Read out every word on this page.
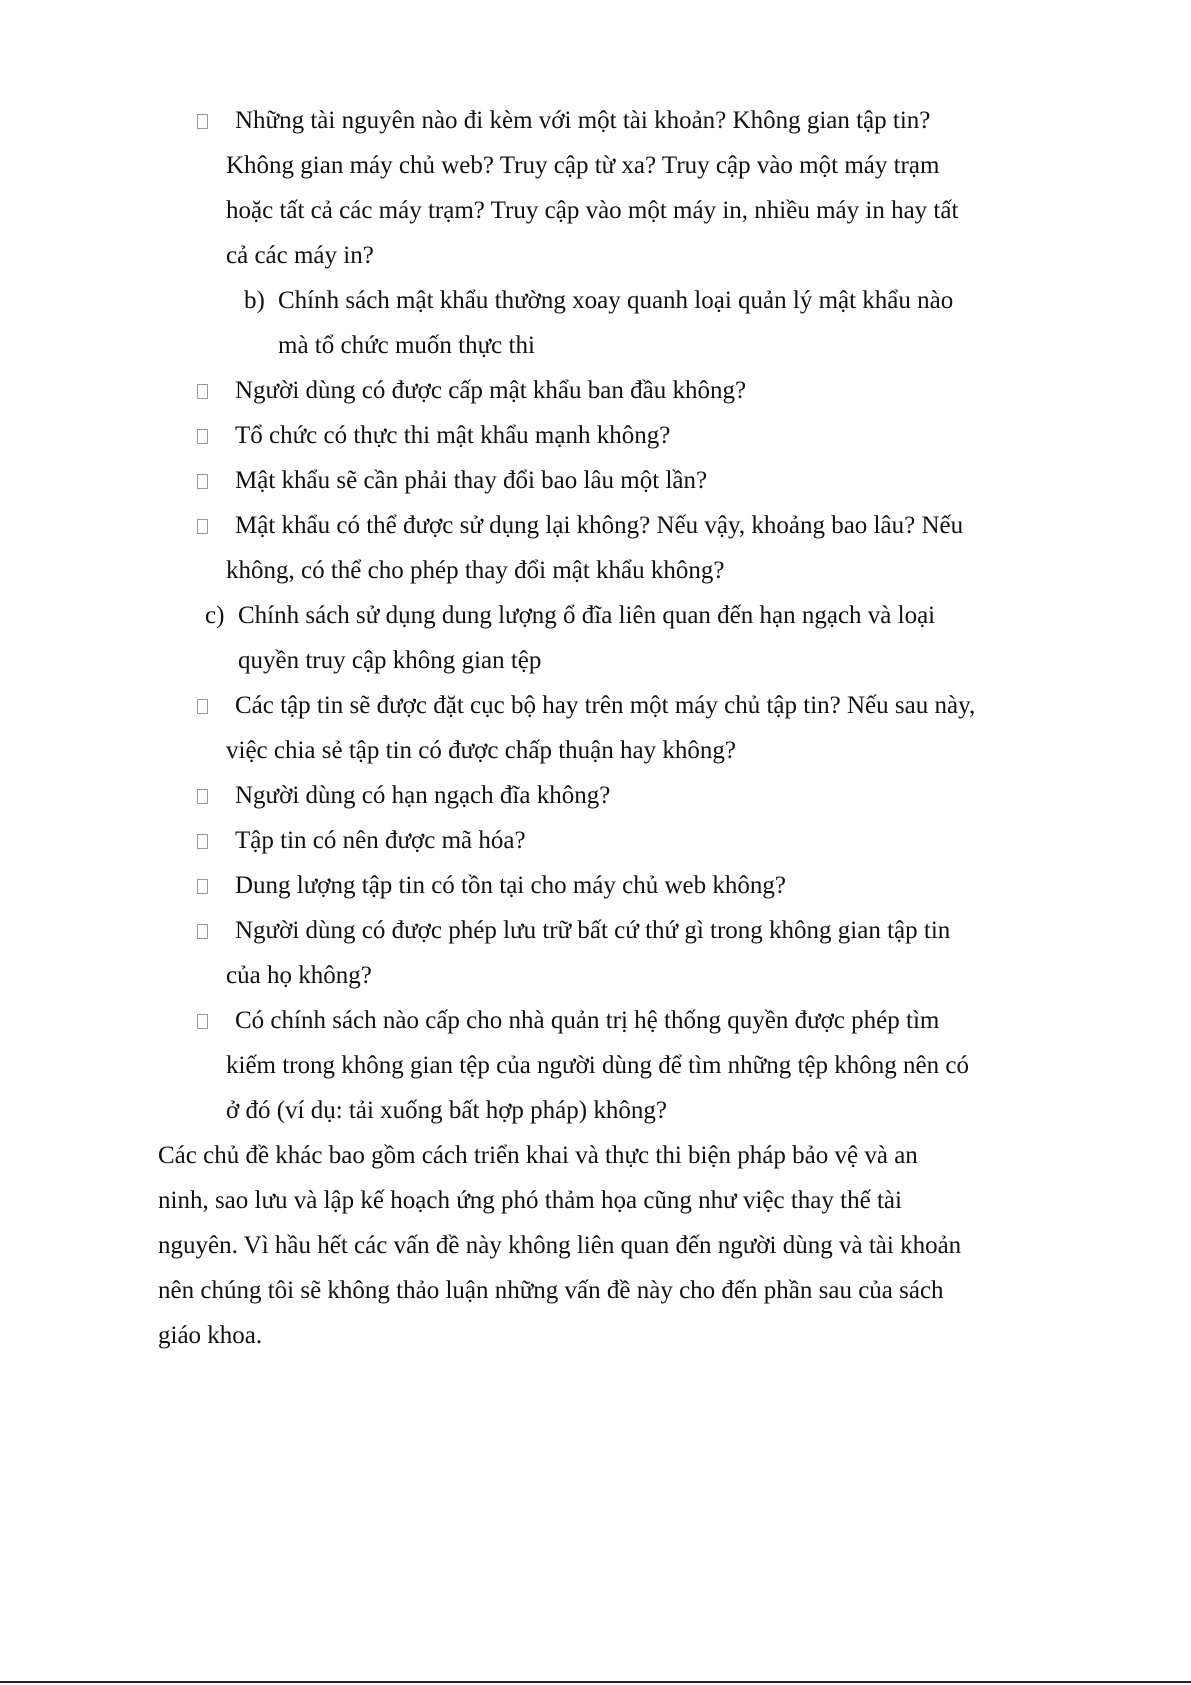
Những tài nguyên nào đi kèm với một tài khoản? Không gian tập tin?
Không gian máy chủ web? Truy cập từ xa? Truy cập vào một máy trạm
hoặc tất cả các máy trạm? Truy cập vào một máy in, nhiều máy in hay tất
cả các máy in?
b) Chính sách mật khẩu thường xoay quanh loại quản lý mật khẩu nào
mà tổ chức muốn thực thi
Người dùng có được cấp mật khẩu ban đầu không?
Tổ chức có thực thi mật khẩu mạnh không?
Mật khẩu sẽ cần phải thay đổi bao lâu một lần?
Mật khẩu có thể được sử dụng lại không? Nếu vậy, khoảng bao lâu? Nếu
không, có thể cho phép thay đổi mật khẩu không?
c) Chính sách sử dụng dung lượng ổ đĩa liên quan đến hạn ngạch và loại
quyền truy cập không gian tệp
Các tập tin sẽ được đặt cục bộ hay trên một máy chủ tập tin? Nếu sau này,
việc chia sẻ tập tin có được chấp thuận hay không?
Người dùng có hạn ngạch đĩa không?
Tập tin có nên được mã hóa?
Dung lượng tập tin có tồn tại cho máy chủ web không?
Người dùng có được phép lưu trữ bất cứ thứ gì trong không gian tập tin
của họ không?
Có chính sách nào cấp cho nhà quản trị hệ thống quyền được phép tìm
kiếm trong không gian tệp của người dùng để tìm những tệp không nên có
ở đó (ví dụ: tải xuống bất hợp pháp) không?
Các chủ đề khác bao gồm cách triển khai và thực thi biện pháp bảo vệ và an
ninh, sao lưu và lập kế hoạch ứng phó thảm họa cũng như việc thay thế tài
nguyên. Vì hầu hết các vấn đề này không liên quan đến người dùng và tài khoản
nên chúng tôi sẽ không thảo luận những vấn đề này cho đến phần sau của sách
giáo khoa.
